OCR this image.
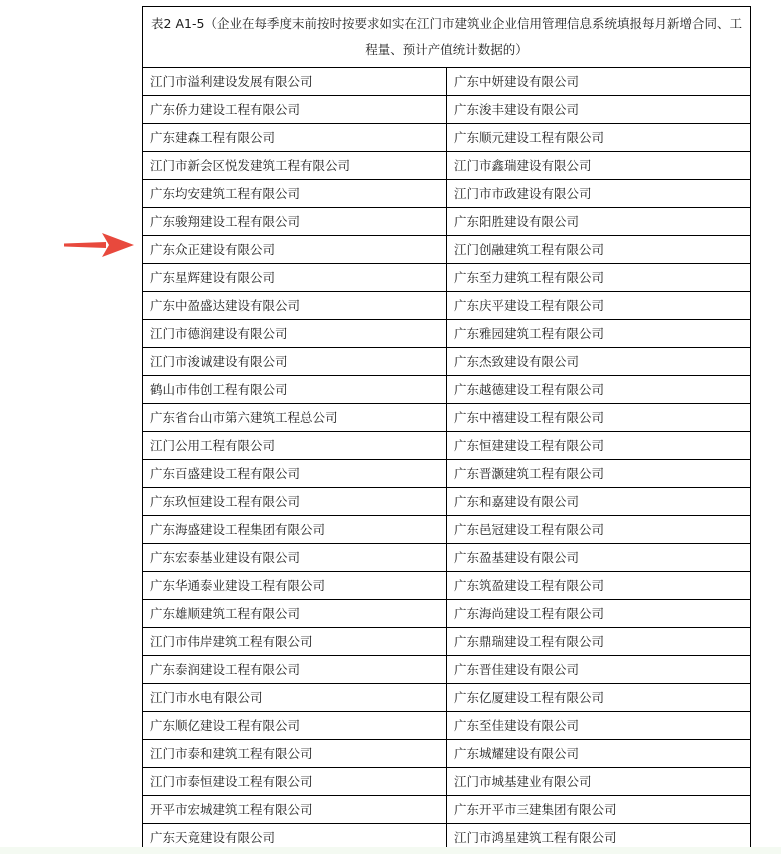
表2 A1-5（企业在每季度末前按时按要求如实在江门市建筑业企业信用管理信息系统填报每月新增合同、工程量、预计产值统计数据的）	
江门市溢利建设发展有限公司	广东中妍建设有限公司
广东侨力建设工程有限公司	广东浚丰建设有限公司
广东建森工程有限公司	广东顺元建设工程有限公司
江门市新会区悦发建筑工程有限公司	江门市鑫瑞建设有限公司
广东均安建筑工程有限公司	江门市市政建设有限公司
广东骏翔建设工程有限公司	广东阳胜建设有限公司
广东众正建设有限公司	江门创融建筑工程有限公司
广东星辉建设有限公司	广东至力建筑工程有限公司
广东中盈盛达建设有限公司	广东庆平建设工程有限公司
江门市德润建设有限公司	广东雅园建筑工程有限公司
江门市浚诚建设有限公司	广东杰致建设有限公司
鹤山市伟创工程有限公司	广东越德建设工程有限公司
广东省台山市第六建筑工程总公司	广东中禧建设工程有限公司
江门公用工程有限公司	广东恒建建设工程有限公司
广东百盛建设工程有限公司	广东晋灏建筑工程有限公司
广东玖恒建设工程有限公司	广东和嘉建设有限公司
广东海盛建设工程集团有限公司	广东邑冠建设工程有限公司
广东宏泰基业建设有限公司	广东盈基建设有限公司
广东华通泰业建设工程有限公司	广东筑盈建设工程有限公司
广东雄顺建筑工程有限公司	广东海尚建设工程有限公司
江门市伟岸建筑工程有限公司	广东鼎瑞建设工程有限公司
广东泰润建设工程有限公司	广东晋佳建设有限公司
江门市水电有限公司	广东亿厦建设工程有限公司
广东顺亿建设工程有限公司	广东至佳建设有限公司
江门市泰和建筑工程有限公司	广东城耀建设有限公司
江门市泰恒建设工程有限公司	江门市城基建业有限公司
开平市宏城建筑工程有限公司	广东开平市三建集团有限公司
广东天竟建设有限公司	江门市鸿星建筑工程有限公司
